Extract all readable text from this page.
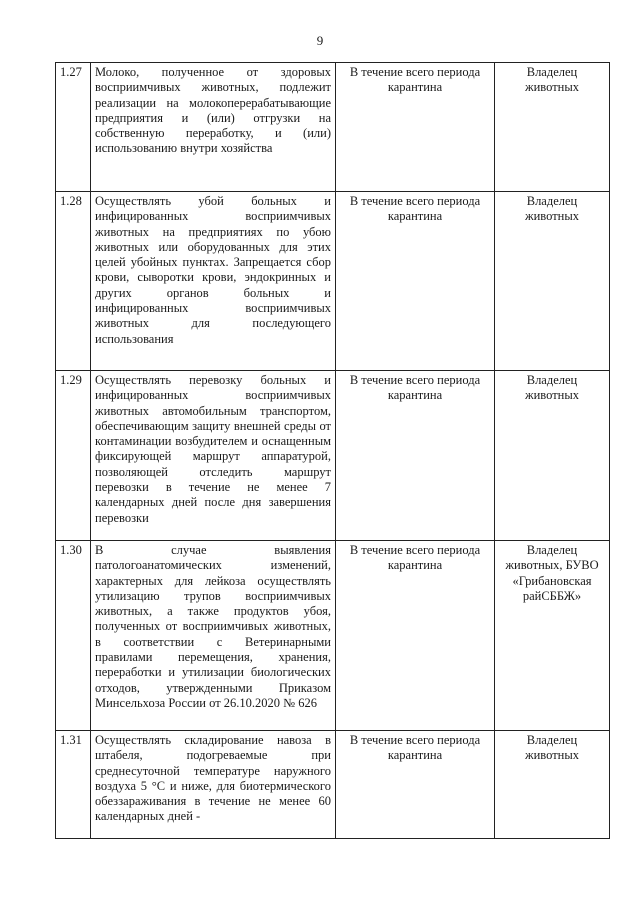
9
1.27	Молоко, полученное от здоровых восприимчивых животных, подлежит реализации на молокоперерабатывающие предприятия и (или) отгрузки на собственную переработку, и (или) использованию внутри хозяйства	В течение всего периода карантина	Владелец животных
1.28	Осуществлять убой больных и инфицированных восприимчивых животных на предприятиях по убою животных или оборудованных для этих целей убойных пунктах. Запрещается сбор крови, сыворотки крови, эндокринных и других органов больных и инфицированных восприимчивых животных для последующего использования	В течение всего периода карантина	Владелец животных
1.29	Осуществлять перевозку больных и инфицированных восприимчивых животных автомобильным транспортом, обеспечивающим защиту внешней среды от контаминации возбудителем и оснащенным фиксирующей маршрут аппаратурой, позволяющей отследить маршрут перевозки в течение не менее 7 календарных дней после дня завершения перевозки	В течение всего периода карантина	Владелец животных
1.30	В случае выявления патологоанатомических изменений, характерных для лейкоза осуществлять утилизацию трупов восприимчивых животных, а также продуктов убоя, полученных от восприимчивых животных, в соответствии с Ветеринарными правилами перемещения, хранения, переработки и утилизации биологических отходов, утвержденными Приказом Минсельхоза России от 26.10.2020 № 626	В течение всего периода карантина	Владелец животных, БУВО «Грибановская райСББЖ»
1.31	Осуществлять складирование навоза в штабеля, подогреваемые при среднесуточной температуре наружного воздуха 5 °С и ниже, для биотермического обеззараживания в течение не менее 60 календарных дней -	В течение всего периода карантина	Владелец животных
